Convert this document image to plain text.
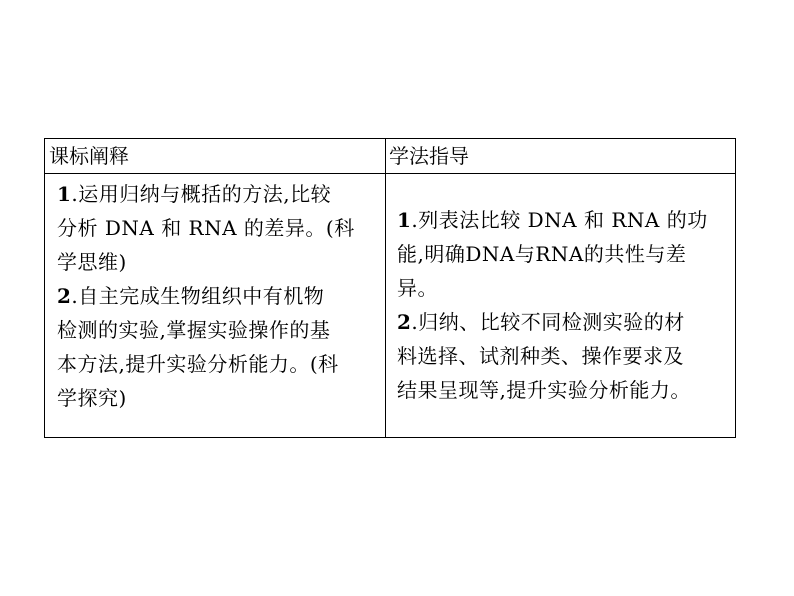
课标阐释	学法指导
1.运用归纳与概括的方法,比较
分析 DNA 和 RNA 的差异。(科
学思维)
2.自主完成生物组织中有机物
检测的实验,掌握实验操作的基
本方法,提升实验分析能力。(科
学探究)
1.列表法比较 DNA 和 RNA 的功
能,明确DNA与RNA的共性与差
异。
2.归纳、比较不同检测实验的材
料选择、试剂种类、操作要求及
结果呈现等,提升实验分析能力。
